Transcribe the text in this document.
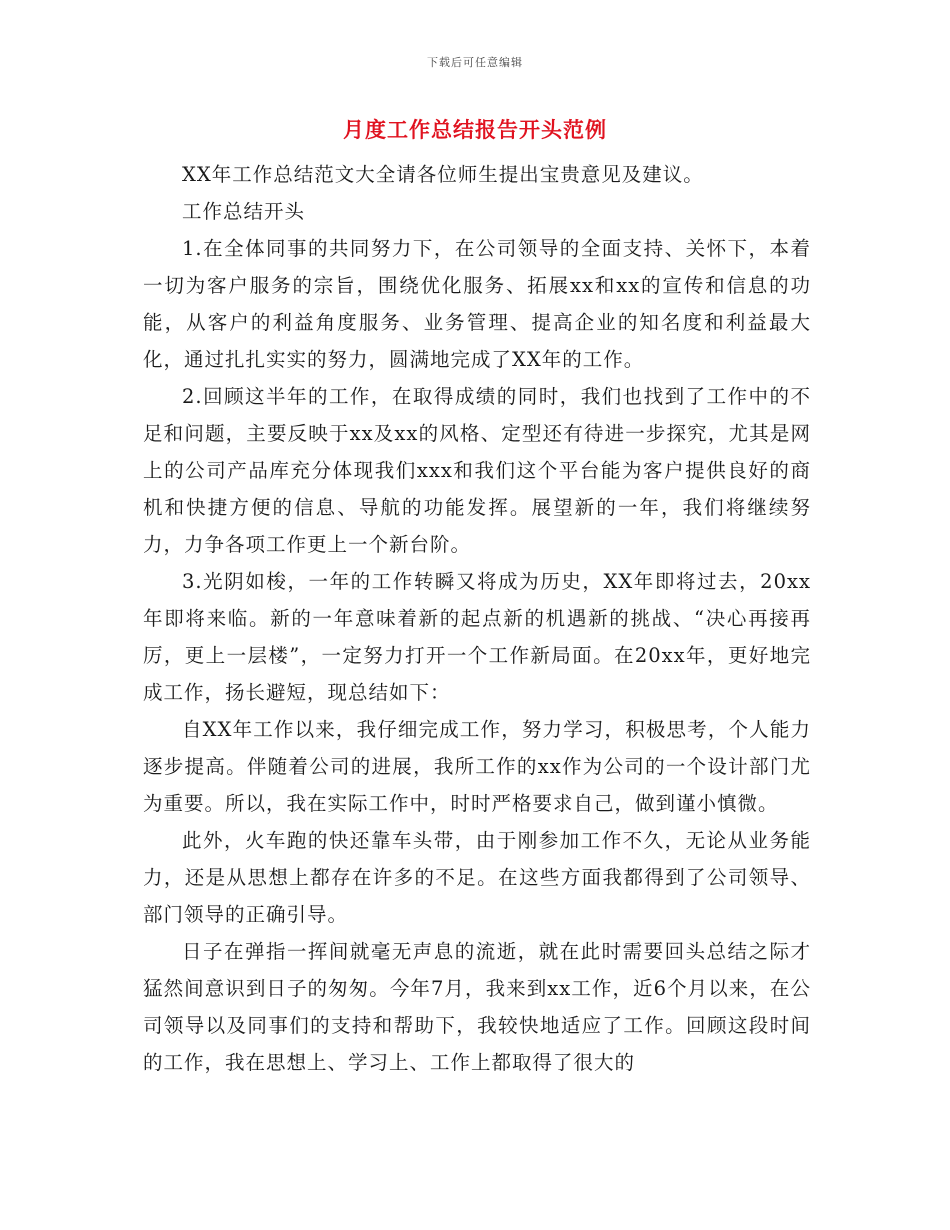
下载后可任意编辑
月度工作总结报告开头范例

XX年工作总结范文大全请各位师生提出宝贵意见及建议。

工作总结开头

1.在全体同事的共同努力下，在公司领导的全面支持、关怀下，本着一切为客户服务的宗旨，围绕优化服务、拓展xx和xx的宣传和信息的功能，从客户的利益角度服务、业务管理、提高企业的知名度和利益最大化，通过扎扎实实的努力，圆满地完成了XX年的工作。

2.回顾这半年的工作，在取得成绩的同时，我们也找到了工作中的不足和问题，主要反映于xx及xx的风格、定型还有待进一步探究，尤其是网上的公司产品库充分体现我们xxx和我们这个平台能为客户提供良好的商机和快捷方便的信息、导航的功能发挥。展望新的一年，我们将继续努力，力争各项工作更上一个新台阶。

3.光阴如梭，一年的工作转瞬又将成为历史，XX年即将过去，20xx年即将来临。新的一年意味着新的起点新的机遇新的挑战、“决心再接再厉，更上一层楼”，一定努力打开一个工作新局面。在20xx年，更好地完成工作，扬长避短，现总结如下：

自XX年工作以来，我仔细完成工作，努力学习，积极思考，个人能力逐步提高。伴随着公司的进展，我所工作的xx作为公司的一个设计部门尤为重要。所以，我在实际工作中，时时严格要求自己，做到谨小慎微。

此外，火车跑的快还靠车头带，由于刚参加工作不久，无论从业务能力，还是从思想上都存在许多的不足。在这些方面我都得到了公司领导、部门领导的正确引导。

日子在弹指一挥间就毫无声息的流逝，就在此时需要回头总结之际才猛然间意识到日子的匆匆。今年7月，我来到xx工作，近6个月以来，在公司领导以及同事们的支持和帮助下，我较快地适应了工作。回顾这段时间的工作，我在思想上、学习上、工作上都取得了很大的
